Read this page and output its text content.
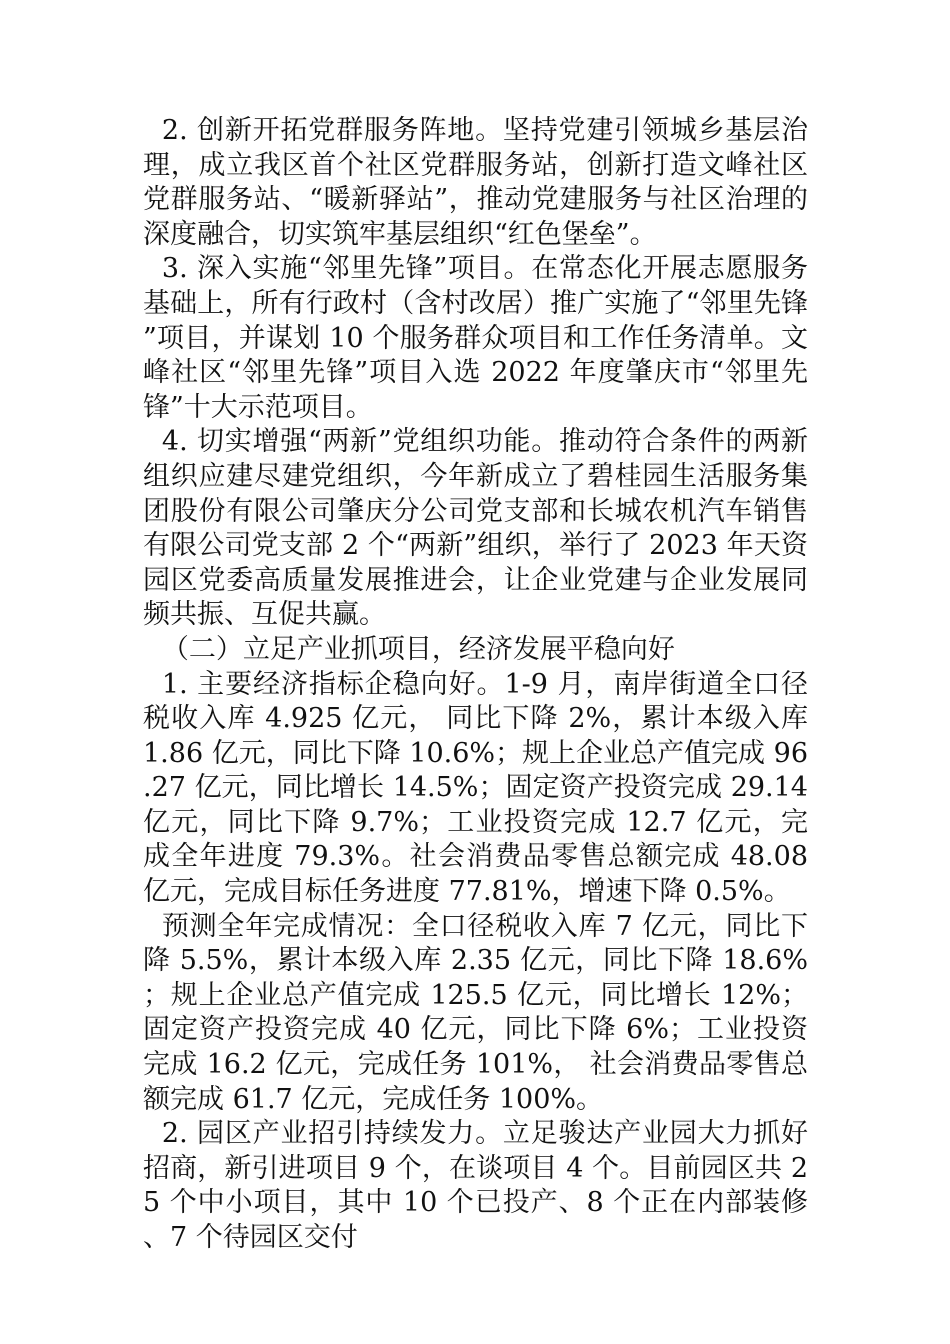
2. 创新开拓党群服务阵地。坚持党建引领城乡基层治理，成立我区首个社区党群服务站，创新打造文峰社区党群服务站、“暖新驿站”，推动党建服务与社区治理的深度融合，切实筑牢基层组织“红色堡垒”。

3. 深入实施“邻里先锋”项目。在常态化开展志愿服务基础上，所有行政村（含村改居）推广实施了“邻里先锋”项目，并谋划 10 个服务群众项目和工作任务清单。文峰社区“邻里先锋”项目入选 2022 年度肇庆市“邻里先锋”十大示范项目。

4. 切实增强“两新”党组织功能。推动符合条件的两新组织应建尽建党组织，今年新成立了碧桂园生活服务集团股份有限公司肇庆分公司党支部和长城农机汽车销售有限公司党支部 2 个“两新”组织，举行了 2023 年天资园区党委高质量发展推进会，让企业党建与企业发展同频共振、互促共赢。

（二）立足产业抓项目，经济发展平稳向好

1. 主要经济指标企稳向好。1-9 月，南岸街道全口径税收入库 4.925 亿元， 同比下降 2%，累计本级入库 1.86 亿元，同比下降 10.6%；规上企业总产值完成 96.27 亿元，同比增长 14.5%；固定资产投资完成 29.14 亿元，同比下降 9.7%；工业投资完成 12.7 亿元，完成全年进度 79.3%。社会消费品零售总额完成 48.08 亿元，完成目标任务进度 77.81%，增速下降 0.5%。

预测全年完成情况：全口径税收入库 7 亿元，同比下降 5.5%，累计本级入库 2.35 亿元，同比下降 18.6%；规上企业总产值完成 125.5 亿元，同比增长 12%；固定资产投资完成 40 亿元，同比下降 6%；工业投资完成 16.2 亿元，完成任务 101%， 社会消费品零售总额完成 61.7 亿元，完成任务 100%。

2. 园区产业招引持续发力。立足骏达产业园大力抓好招商，新引进项目 9 个，在谈项目 4 个。目前园区共 25 个中小项目，其中 10 个已投产、8 个正在内部装修、7 个待园区交付
